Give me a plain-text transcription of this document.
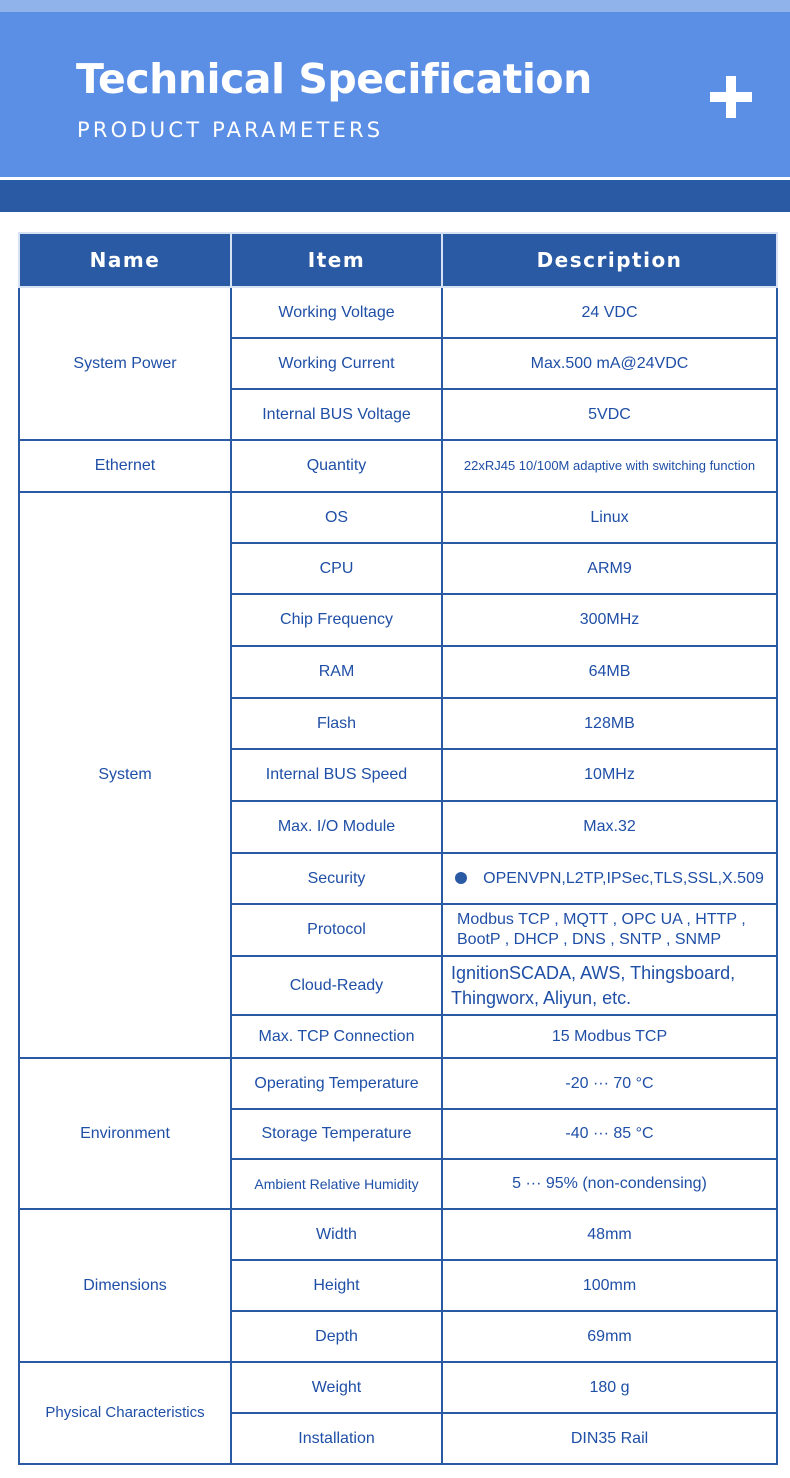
Technical Specification

PRODUCT PARAMETERS

Name	Item	Description
System Power	Working Voltage	24 VDC
	Working Current	Max.500 mA@24VDC
	Internal BUS Voltage	5VDC
Ethernet	Quantity	22xRJ45 10/100M adaptive with switching function
System	OS	Linux
	CPU	ARM9
	Chip Frequency	300MHz
	RAM	64MB
	Flash	128MB
	Internal BUS Speed	10MHz
	Max. I/O Module	Max.32
	Security	OPENVPN,L2TP,IPSec,TLS,SSL,X.509
	Protocol	Modbus TCP , MQTT , OPC UA , HTTP ,
BootP , DHCP , DNS , SNTP , SNMP

	Cloud-Ready	IgnitionSCADA, AWS, Thingsboard,
Thingworx, Aliyun, etc.

	Max. TCP Connection	15 Modbus TCP
Environment	Operating Temperature	-20 ··· 70 °C
	Storage Temperature	-40 ··· 85 °C
	Ambient Relative Humidity	5 ··· 95% (non-condensing)
Dimensions	Width	48mm
	Height	100mm
	Depth	69mm
Physical Characteristics	Weight	180 g
	Installation	DIN35 Rail
